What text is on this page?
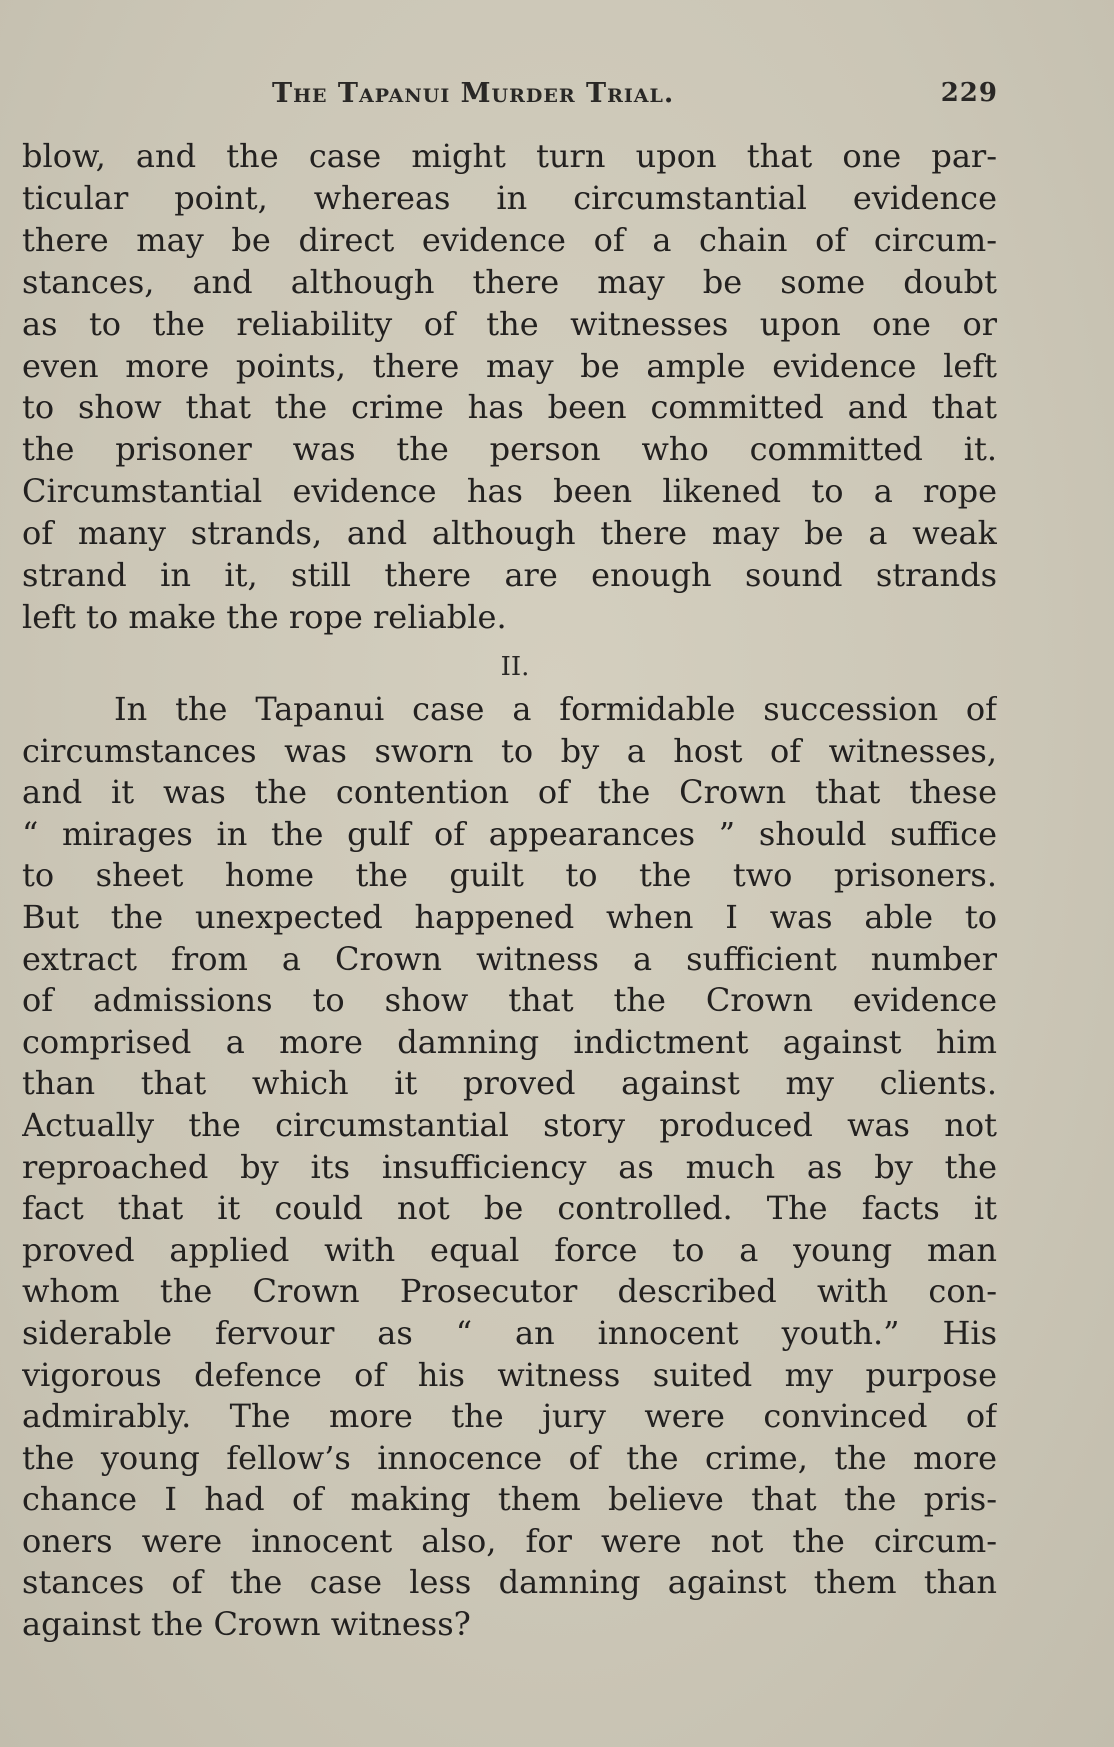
The Tapanui Murder Trial.	229
blow, and the case might turn upon that one par-
ticular point, whereas in circumstantial evidence
there may be direct evidence of a chain of circum-
stances, and although there may be some doubt
as to the reliability of the witnesses upon one or
even more points, there may be ample evidence left
to show that the crime has been committed and that
the prisoner was the person who committed it.
Circumstantial evidence has been likened to a rope
of many strands, and although there may be a weak
strand in it, still there are enough sound strands
left to make the rope reliable.
II.
In the Tapanui case a formidable succession of
circumstances was sworn to by a host of witnesses,
and it was the contention of the Crown that these
“ mirages in the gulf of appearances ” should suffice
to sheet home the guilt to the two prisoners.
But the unexpected happened when I was able to
extract from a Crown witness a sufficient number
of admissions to show that the Crown evidence
comprised a more damning indictment against him
than that which it proved against my clients.
Actually the circumstantial story produced was not
reproached by its insufficiency as much as by the
fact that it could not be controlled. The facts it
proved applied with equal force to a young man
whom the Crown Prosecutor described with con-
siderable fervour as “ an innocent youth.” His
vigorous defence of his witness suited my purpose
admirably. The more the jury were convinced of
the young fellow’s innocence of the crime, the more
chance I had of making them believe that the pris-
oners were innocent also, for were not the circum-
stances of the case less damning against them than
against the Crown witness?
